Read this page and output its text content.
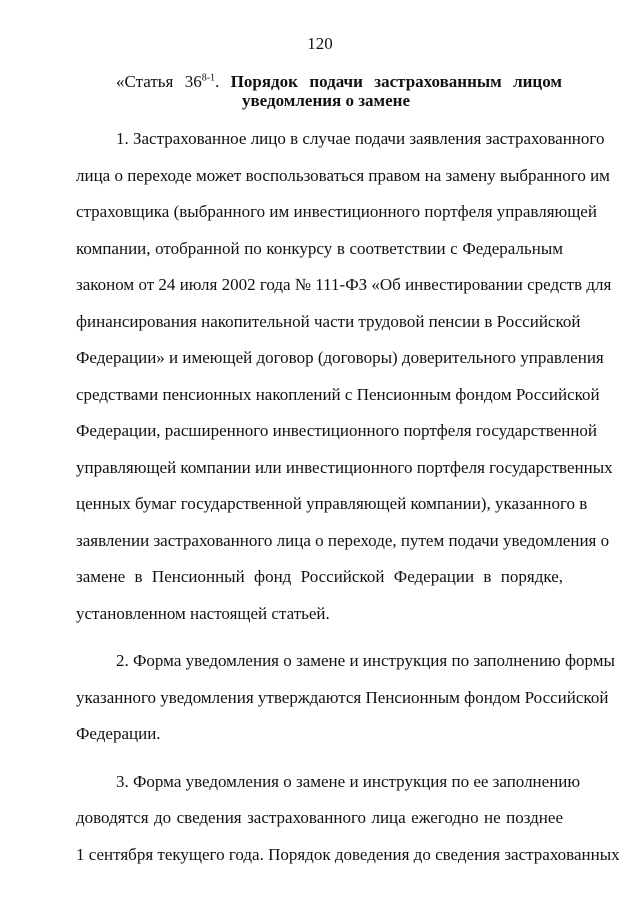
120
«Статья 36$^{8-1}$. Порядок подачи застрахованным лицом
уведомления о замене
1. Застрахованное лицо в случае подачи заявления застрахованного
лица о переходе может воспользоваться правом на замену выбранного им
страховщика (выбранного им инвестиционного портфеля управляющей
компании, отобранной по конкурсу в соответствии с Федеральным
законом от 24 июля 2002 года № 111-ФЗ «Об инвестировании средств для
финансирования накопительной части трудовой пенсии в Российской
Федерации» и имеющей договор (договоры) доверительного управления
средствами пенсионных накоплений с Пенсионным фондом Российской
Федерации, расширенного инвестиционного портфеля государственной
управляющей компании или инвестиционного портфеля государственных
ценных бумаг государственной управляющей компании), указанного в
заявлении застрахованного лица о переходе, путем подачи уведомления о
замене в Пенсионный фонд Российской Федерации в порядке,
установленном настоящей статьей.
2. Форма уведомления о замене и инструкция по заполнению формы
указанного уведомления утверждаются Пенсионным фондом Российской
Федерации.
3. Форма уведомления о замене и инструкция по ее заполнению
доводятся до сведения застрахованного лица ежегодно не позднее
1 сентября текущего года. Порядок доведения до сведения застрахованных
